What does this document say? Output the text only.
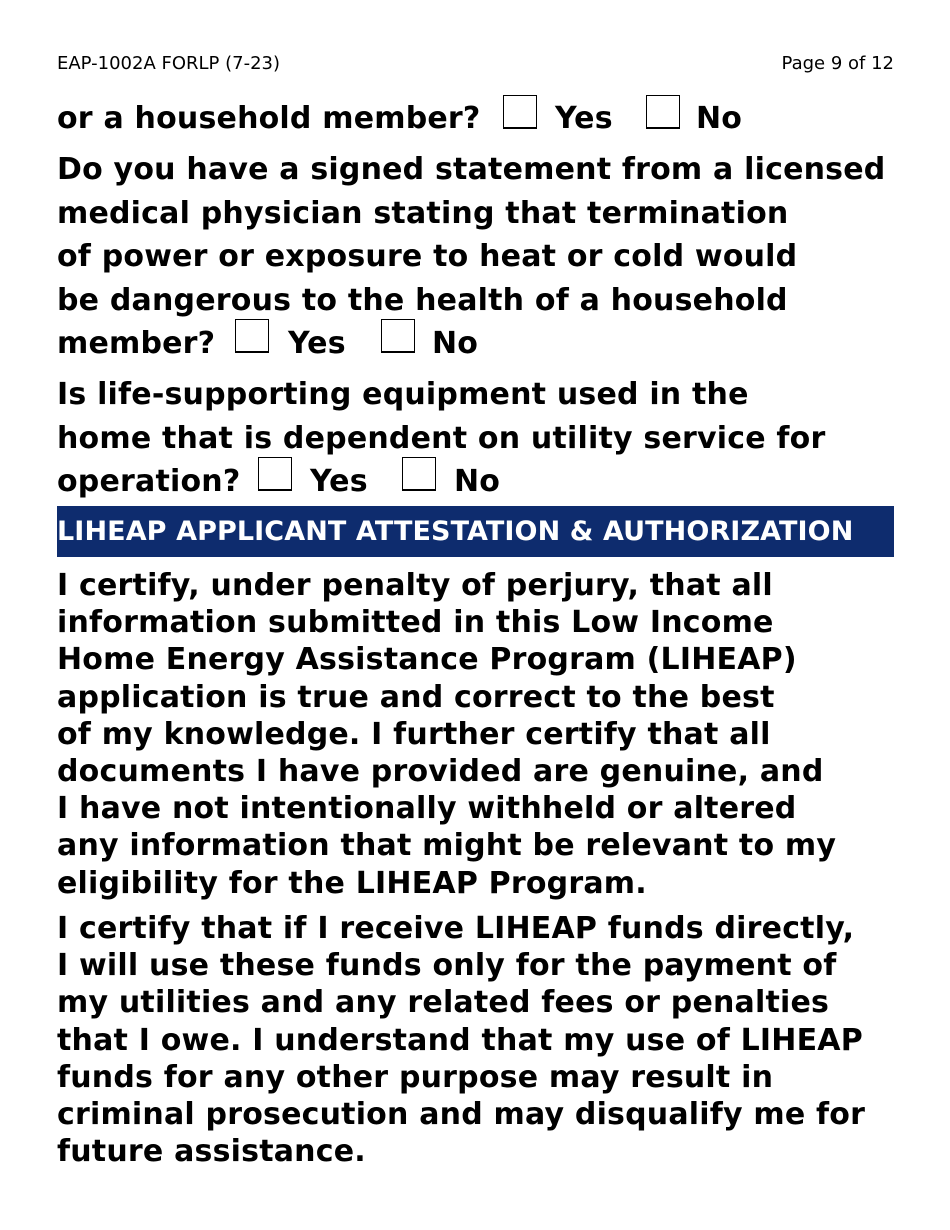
EAP-1002A FORLP (7-23)	Page 9 of 12
or a household member? Yes	No
Do you have a signed statement from a licensed
medical physician stating that termination
of power or exposure to heat or cold would
be dangerous to the health of a household
member? Yes	No
Is life-supporting equipment used in the
home that is dependent on utility service for
operation? Yes	No
LIHEAP APPLICANT ATTESTATION & AUTHORIZATION
I certify, under penalty of perjury, that all
information submitted in this Low Income
Home Energy Assistance Program (LIHEAP)
application is true and correct to the best
of my knowledge. I further certify that all
documents I have provided are genuine, and
I have not intentionally withheld or altered
any information that might be relevant to my
eligibility for the LIHEAP Program.
I certify that if I receive LIHEAP funds directly,
I will use these funds only for the payment of
my utilities and any related fees or penalties
that I owe. I understand that my use of LIHEAP
funds for any other purpose may result in
criminal prosecution and may disqualify me for
future assistance.
